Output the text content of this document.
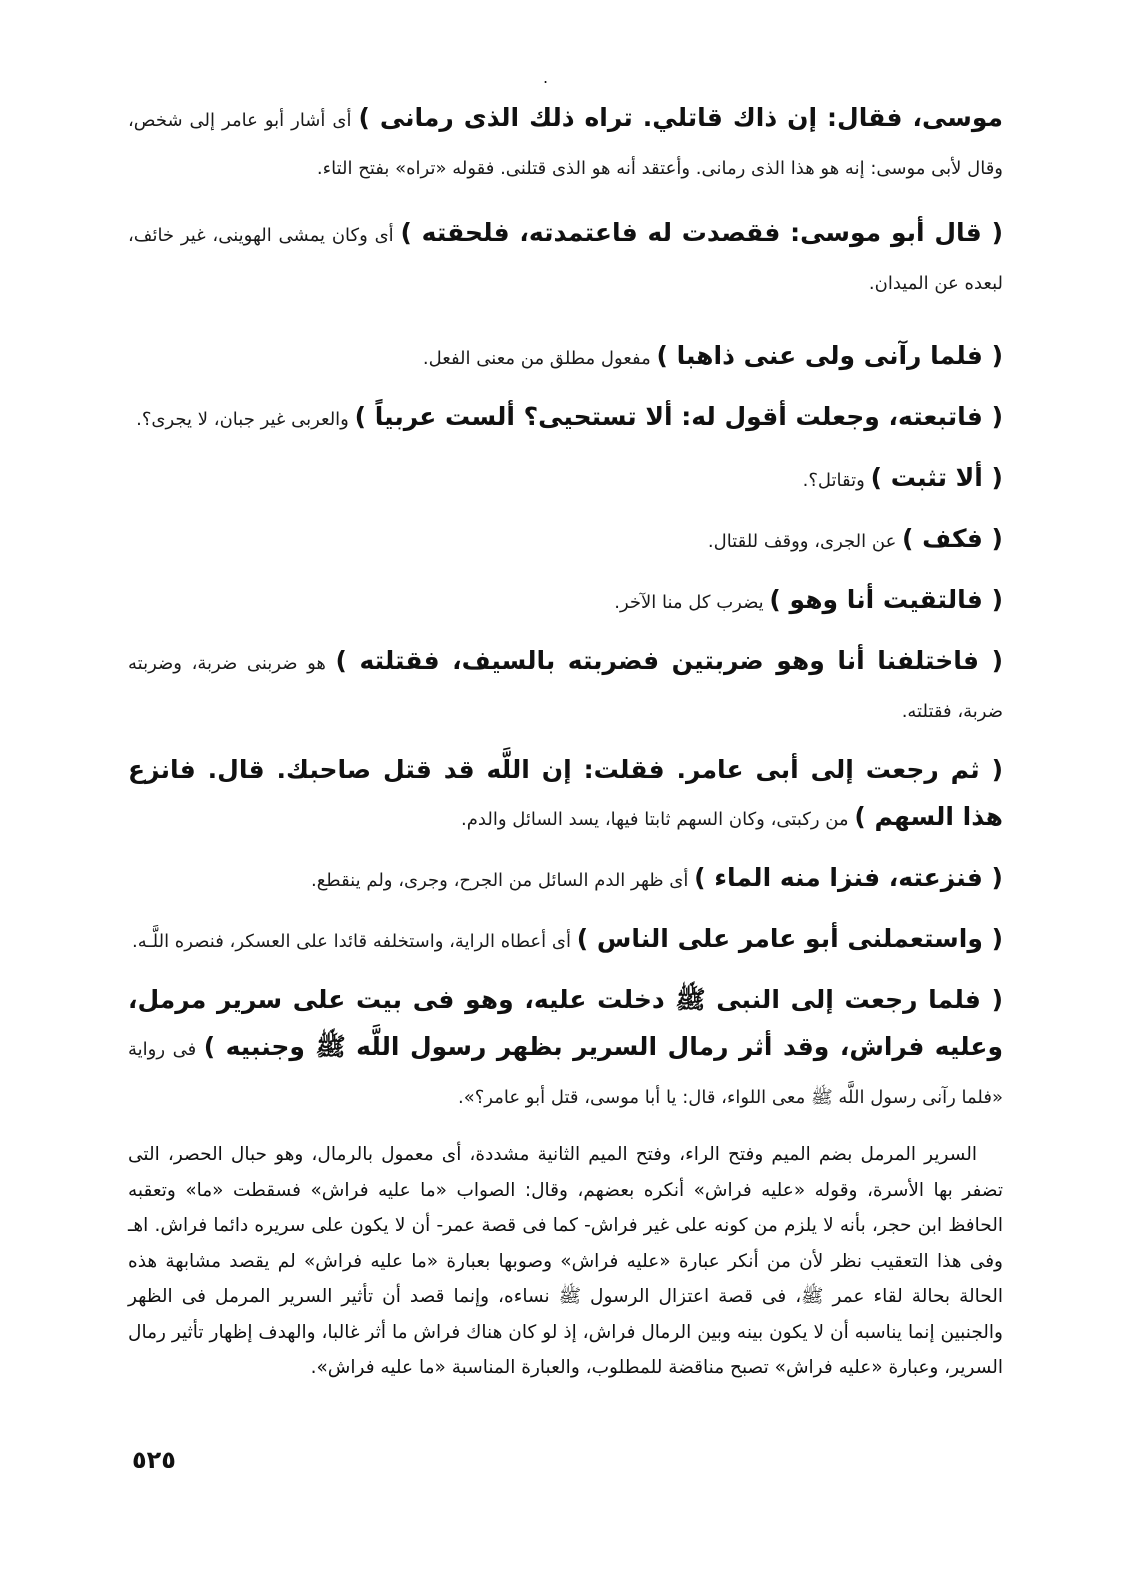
.

موسى، فقال: إن ذاك قاتلي. تراه ذلك الذى رمانى ) أى أشار أبو عامر إلى شخص، وقال لأبى موسى: إنه هو هذا الذى رمانى. وأعتقد أنه هو الذى قتلنى. فقوله «تراه» بفتح التاء.

( قال أبو موسى: فقصدت له فاعتمدته، فلحقته ) أى وكان يمشى الهوينى، غير خائف، لبعده عن الميدان.

( فلما رآنى ولى عنى ذاهبا ) مفعول مطلق من معنى الفعل.

( فاتبعته، وجعلت أقول له: ألا تستحيى؟ ألست عربياً ) والعربى غير جبان، لا يجرى؟.

( ألا تثبت ) وتقاتل؟.

( فكف ) عن الجرى، ووقف للقتال.

( فالتقيت أنا وهو ) يضرب كل منا الآخر.

( فاختلفنا أنا وهو ضربتين فضربته بالسيف، فقتلته ) هو ضربنى ضربة، وضربته ضربة، فقتلته.

( ثم رجعت إلى أبى عامر. فقلت: إن اللَّه قد قتل صاحبك. قال. فانزع هذا السهم ) من ركبتى، وكان السهم ثابتا فيها، يسد السائل والدم.

( فنزعته، فنزا منه الماء ) أى ظهر الدم السائل من الجرح، وجرى، ولم ينقطع.

( واستعملنى أبو عامر على الناس ) أى أعطاه الراية، واستخلفه قائدا على العسكر، فنصره اللَّـه.

( فلما رجعت إلى النبى ﷺ دخلت عليه، وهو فى بيت على سرير مرمل، وعليه فراش، وقد أثر رمال السرير بظهر رسول اللَّه ﷺ وجنبيه ) فى رواية «فلما رآنى رسول اللَّه ﷺ معى اللواء، قال: يا أبا موسى، قتل أبو عامر؟».

السرير المرمل بضم الميم وفتح الراء، وفتح الميم الثانية مشددة، أى معمول بالرمال، وهو حبال الحصر، التى تضفر بها الأسرة، وقوله «عليه فراش» أنكره بعضهم، وقال: الصواب «ما عليه فراش» فسقطت «ما» وتعقبه الحافظ ابن حجر، بأنه لا يلزم من كونه على غير فراش- كما فى قصة عمر- أن لا يكون على سريره دائما فراش. اهـ وفى هذا التعقيب نظر لأن من أنكر عبارة «عليه فراش» وصوبها بعبارة «ما عليه فراش» لم يقصد مشابهة هذه الحالة بحالة لقاء عمر ﷺ، فى قصة اعتزال الرسول ﷺ نساءه، وإنما قصد أن تأثير السرير المرمل فى الظهر والجنبين إنما يناسبه أن لا يكون بينه وبين الرمال فراش، إذ لو كان هناك فراش ما أثر غالبا، والهدف إظهار تأثير رمال السرير، وعبارة «عليه فراش» تصبح مناقضة للمطلوب، والعبارة المناسبة «ما عليه فراش».

٥٢٥
